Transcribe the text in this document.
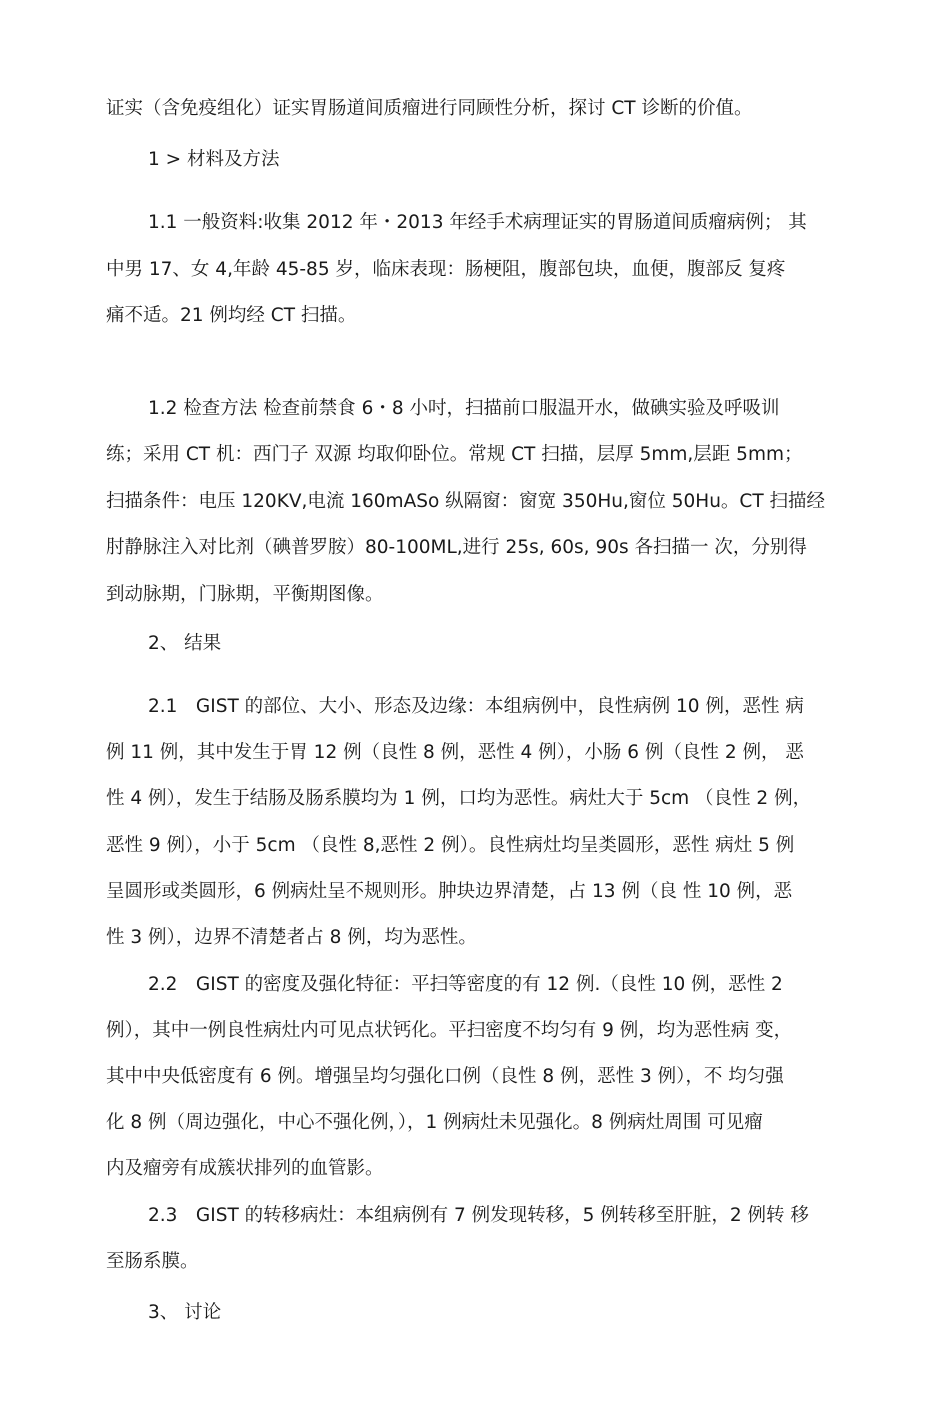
证实（含免疫组化）证实胃肠道间质瘤进行同顾性分析，探讨 CT 诊断的价值。
1 > 材料及方法
1.1 一般资料:收集 2012 年・2013 年经手术病理证实的胃肠道间质瘤病例； 其
中男 17、女 4,年龄 45-85 岁，临床表现：肠梗阻，腹部包块，血便，腹部反 复疼
痛不适。21 例均经 CT 扫描。
1.2 检查方法 检查前禁食 6・8 小吋，扫描前口服温开水，做碘实验及呼吸训
练；采用 CT 机：西门子 双源 均取仰卧位。常规 CT 扫描，层厚 5mm,层距 5mm；
扫描条件：电压 120KV,电流 160mASo 纵隔窗：窗宽 350Hu,窗位 50Hu。CT 扫描经
肘静脉注入对比剂（碘普罗胺）80-100ML,进行 25s, 60s, 90s 各扫描一 次，分别得
到动脉期，门脉期，平衡期图像。
2、 结果
2.1　GIST 的部位、大小、形态及边缘：本组病例中，良性病例 10 例，恶性 病
例 11 例，其中发生于胃 12 例（良性 8 例，恶性 4 例），小肠 6 例（良性 2 例， 恶
性 4 例），发生于结肠及肠系膜均为 1 例，口均为恶性。病灶大于 5cm （良性 2 例，
恶性 9 例），小于 5cm （良性 8,恶性 2 例）。良性病灶均呈类圆形，恶性 病灶 5 例
呈圆形或类圆形，6 例病灶呈不规则形。肿块边界清楚，占 13 例（良 性 10 例，恶
性 3 例），边界不清楚者占 8 例，均为恶性。
2.2　GIST 的密度及强化特征：平扫等密度的有 12 例.（良性 10 例，恶性 2
例），其中一例良性病灶内可见点状钙化。平扫密度不均匀有 9 例，均为恶性病 变，
其中中央低密度有 6 例。增强呈均匀强化口例（良性 8 例，恶性 3 例），不 均匀强
化 8 例（周边强化，中心不强化例，），1 例病灶未见强化。8 例病灶周围 可见瘤
内及瘤旁有成簇状排列的血管影。
2.3　GIST 的转移病灶：本组病例有 7 例发现转移，5 例转移至肝脏，2 例转 移
至肠系膜。
3、 讨论
